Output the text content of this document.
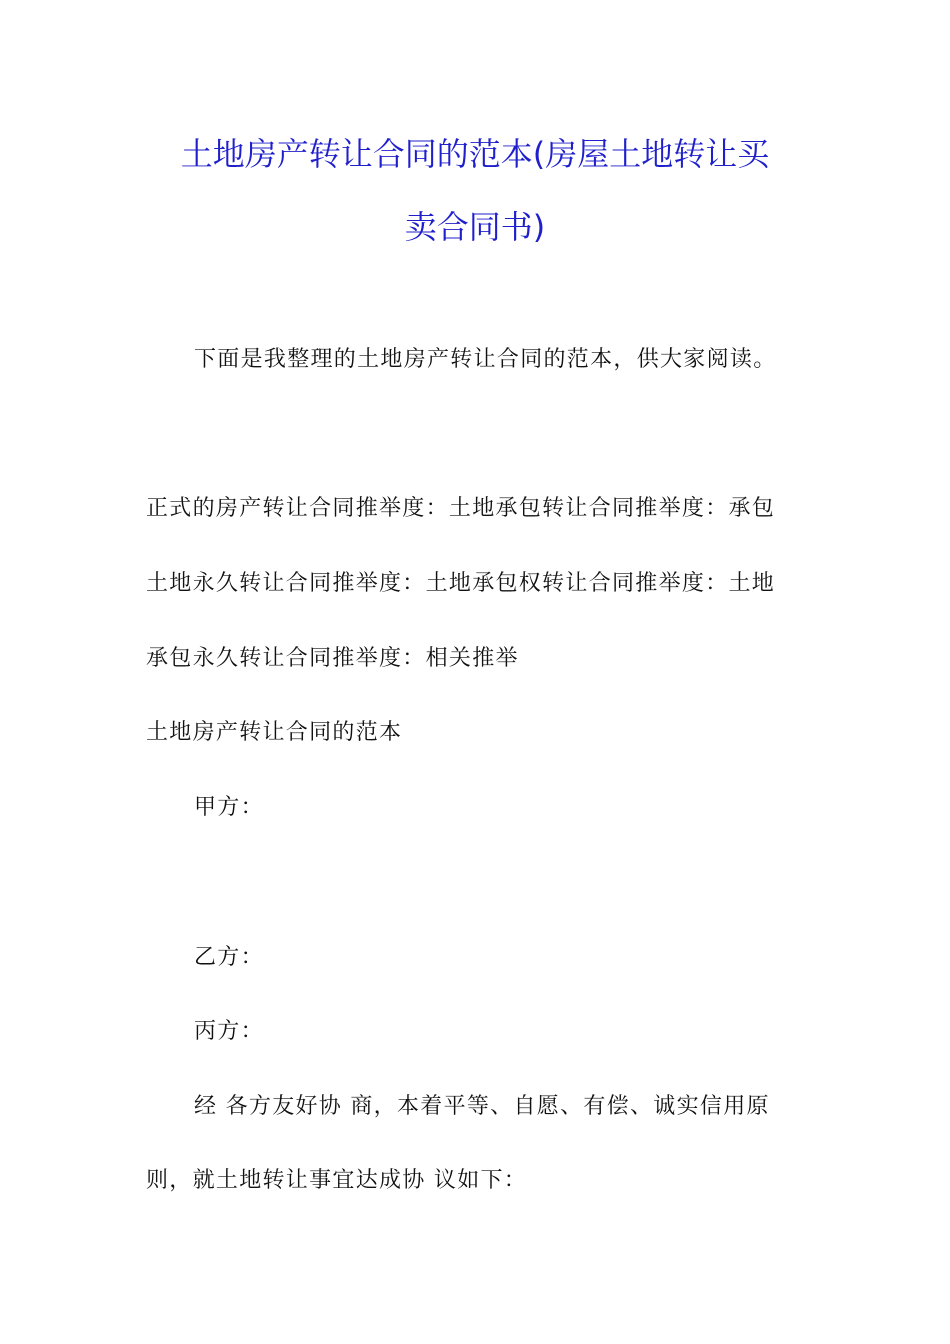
土地房产转让合同的范本(房屋土地转让买
卖合同书)
下面是我整理的土地房产转让合同的范本，供大家阅读。
正式的房产转让合同推举度：土地承包转让合同推举度：承包
土地永久转让合同推举度：土地承包权转让合同推举度：土地
承包永久转让合同推举度：相关推举
土地房产转让合同的范本
甲方：
乙方：
丙方：
经 各方友好协 商，本着平等、自愿、有偿、诚实信用原
则，就土地转让事宜达成协 议如下：
